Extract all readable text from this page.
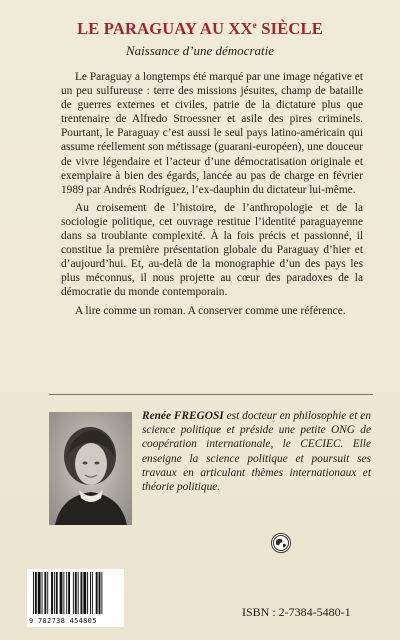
LE PARAGUAY AU XXe SIÈCLE
Naissance d’une démocratie

Le Paraguay a longtemps été marqué par une image négative et un peu sulfureuse : terre des missions jésuites, champ de bataille de guerres externes et civiles, patrie de la dictature plus que trentenaire de Alfredo Stroessner et asile des pires criminels. Pourtant, le Paraguay c’est aussi le seul pays latino-américain qui assume réellement son métissage (guarani-européen), une douceur de vivre légendaire et l’acteur d’une démocratisation originale et exemplaire à bien des égards, lancée au pas de charge en février 1989 par Andrés Rodríguez, l’ex-dauphin du dictateur lui-même.

Au croisement de l’histoire, de l’anthropologie et de la sociologie politique, cet ouvrage restitue l’identité paraguayenne dans sa troublante complexité. À la fois précis et passionné, il constitue la première présentation globale du Paraguay d’hier et d’aujourd’hui. Et, au-delà de la monographie d’un des pays les plus méconnus, il nous projette au cœur des paradoxes de la démocratie du monde contemporain.

A lire comme un roman. A conserver comme une référence.

Renée FREGOSI est docteur en philosophie et en science politique et préside une petite ONG de coopération internationale, le CECIEC. Elle enseigne la science politique et poursuit ses travaux en articulant thèmes internationaux et théorie politique.
9 782738 454805
ISBN : 2-7384-5480-1
